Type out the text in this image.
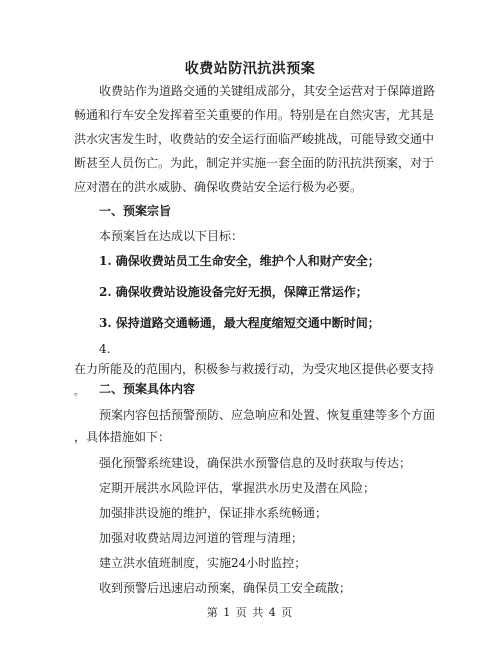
收费站防汛抗洪预案
收费站作为道路交通的关键组成部分，其安全运营对于保障道路
畅通和行车安全发挥着至关重要的作用。特别是在自然灾害，尤其是
洪水灾害发生时，收费站的安全运行面临严峻挑战，可能导致交通中
断甚至人员伤亡。为此，制定并实施一套全面的防汛抗洪预案，对于
应对潜在的洪水威胁、确保收费站安全运行极为必要。
一、预案宗旨
本预案旨在达成以下目标：
1. 确保收费站员工生命安全，维护个人和财产安全；
2. 确保收费站设施设备完好无损，保障正常运作；
3. 保持道路交通畅通，最大程度缩短交通中断时间；
4.
在力所能及的范围内，积极参与救援行动，为受灾地区提供必要支持
。 二、预案具体内容
预案内容包括预警预防、应急响应和处置、恢复重建等多个方面
，具体措施如下：
强化预警系统建设，确保洪水预警信息的及时获取与传达；
定期开展洪水风险评估，掌握洪水历史及潜在风险；
加强排洪设施的维护，保证排水系统畅通；
加强对收费站周边河道的管理与清理；
建立洪水值班制度，实施24小时监控；
收到预警后迅速启动预案，确保员工安全疏散；
第 1 页 共 4 页
